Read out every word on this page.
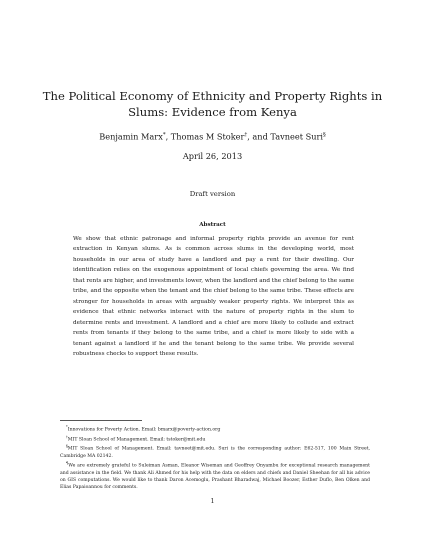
The Political Economy of Ethnicity and Property Rights in Slums: Evidence from Kenya
Benjamin Marx*, Thomas M Stoker†, and Tavneet Suri§
April 26, 2013
Draft version
Abstract
We show that ethnic patronage and informal property rights provide an avenue for rent extraction in Kenyan slums. As is common across slums in the developing world, most households in our area of study have a landlord and pay a rent for their dwelling. Our identification relies on the exogenous appointment of local chiefs governing the area. We find that rents are higher, and investments lower, when the landlord and the chief belong to the same tribe, and the opposite when the tenant and the chief belong to the same tribe. These effects are stronger for households in areas with arguably weaker property rights. We interpret this as evidence that ethnic networks interact with the nature of property rights in the slum to determine rents and investment. A landlord and a chief are more likely to collude and extract rents from tenants if they belong to the same tribe, and a chief is more likely to side with a tenant against a landlord if he and the tenant belong to the same tribe. We provide several robustness checks to support these results.

*Innovations for Poverty Action. Email: bmarx@poverty-action.org

†MIT Sloan School of Management. Email: tstoker@mit.edu

§MIT Sloan School of Management. Email: tavneet@mit.edu. Suri is the corresponding author: E62-517, 100 Main Street, Cambridge MA 02142.

¶We are extremely grateful to Suleiman Asman, Eleanor Wiseman and Geoffrey Onyambu for exceptional research management and assistance in the field. We thank Ali Ahmed for his help with the data on elders and chiefs and Daniel Sheehan for all his advice on GIS computations. We would like to thank Daron Acemoglu, Prashant Bharadwaj, Michael Boozer, Esther Duflo, Ben Olken and Elias Papaioannou for comments.

1
